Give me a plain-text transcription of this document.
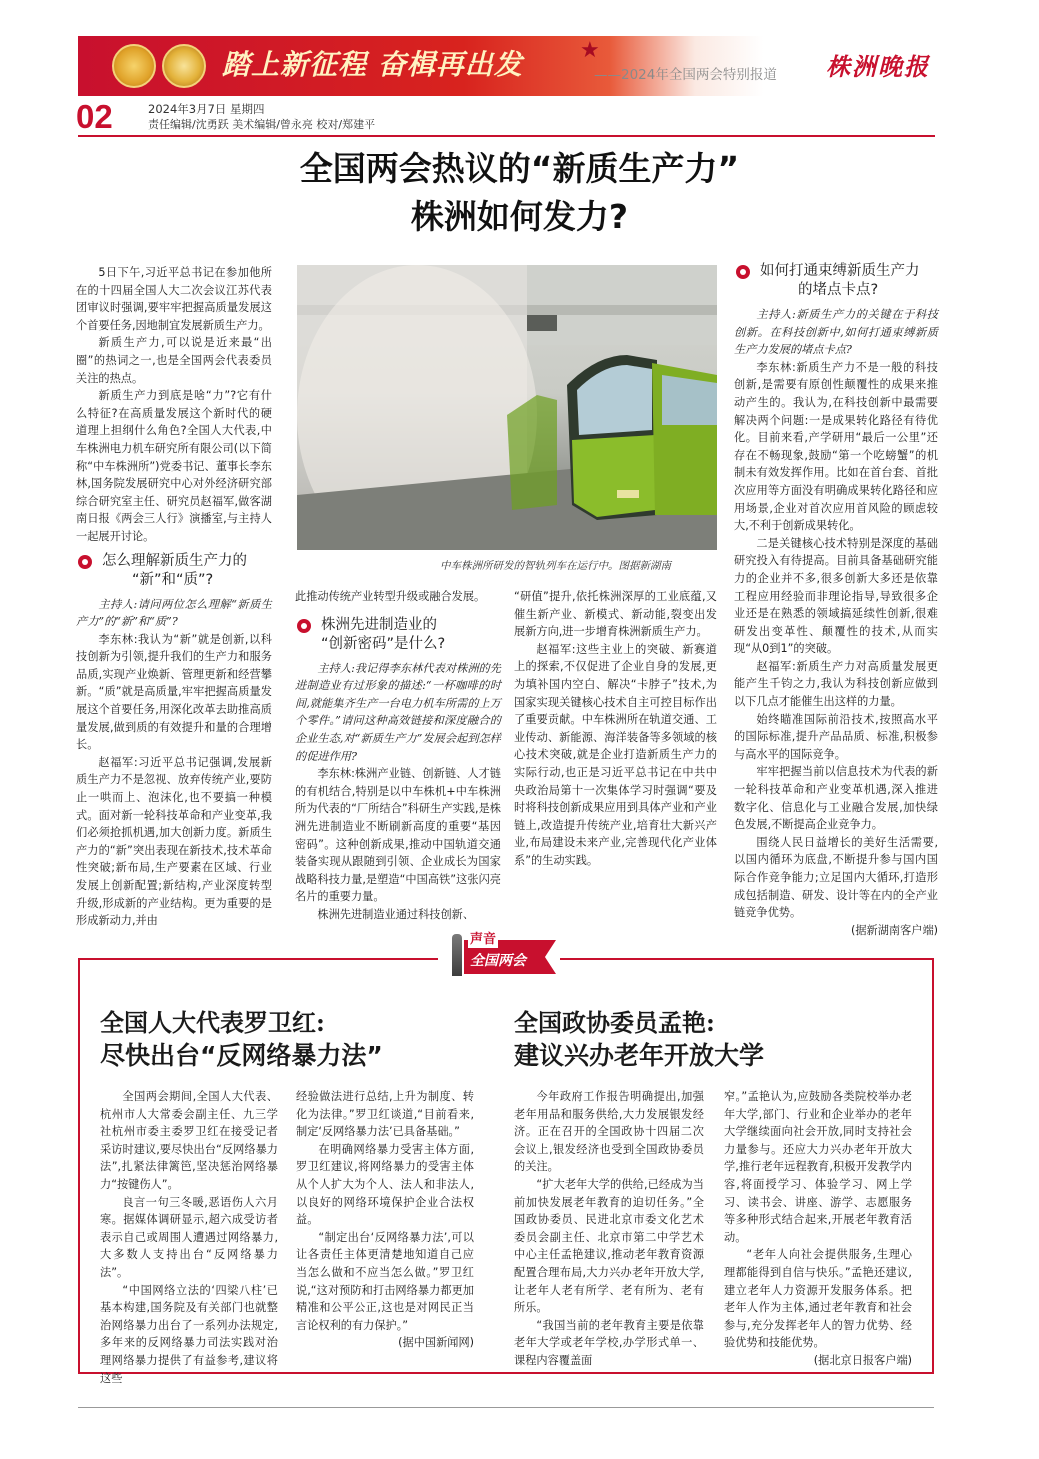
★
踏上新征程 奋楫再出发	——2024年全国两会特别报道 株洲晚报
02	2024年3月7日 星期四
责任编辑/沈勇跃 美术编辑/曾永亮 校对/郑建平
全国两会热议的“新质生产力”
株洲如何发力?
中车株洲所研发的智轨列车在运行中。图据新湖南

5日下午,习近平总书记在参加他所在的十四届全国人大二次会议江苏代表团审议时强调,要牢牢把握高质量发展这个首要任务,因地制宜发展新质生产力。

新质生产力,可以说是近来最“出圈”的热词之一,也是全国两会代表委员关注的热点。

新质生产力到底是啥“力”?它有什么特征?在高质量发展这个新时代的硬道理上担纲什么角色?全国人大代表,中车株洲电力机车研究所有限公司(以下简称“中车株洲所”)党委书记、董事长李东林,国务院发展研究中心对外经济研究部综合研究室主任、研究员赵福军,做客湖南日报《两会三人行》演播室,与主持人一起展开讨论。

怎么理解新质生产力的
“新”和“质”?

主持人:请问两位怎么理解“新质生产力”的“新”和“质”?

李东林:我认为“新”就是创新,以科技创新为引领,提升我们的生产力和服务品质,实现产业焕新、管理更新和经营攀新。“质”就是高质量,牢牢把握高质量发展这个首要任务,用深化改革去助推高质量发展,做到质的有效提升和量的合理增长。

赵福军:习近平总书记强调,发展新质生产力不是忽视、放弃传统产业,要防止一哄而上、泡沫化,也不要搞一种模式。面对新一轮科技革命和产业变革,我们必须抢抓机遇,加大创新力度。新质生产力的“新”突出表现在新技术,技术革命性突破;新布局,生产要素在区域、行业发展上创新配置;新结构,产业深度转型升级,形成新的产业结构。更为重要的是形成新动力,并由

此推动传统产业转型升级或融合发展。

株洲先进制造业的
“创新密码”是什么?

主持人:我记得李东林代表对株洲的先进制造业有过形象的描述:“一杯咖啡的时间,就能集齐生产一台电力机车所需的上万个零件。”请问这种高效链接和深度融合的企业生态,对“新质生产力”发展会起到怎样的促进作用?

李东林:株洲产业链、创新链、人才链的有机结合,特别是以中车株机+中车株洲所为代表的“厂所结合”科研生产实践,是株洲先进制造业不断刷新高度的重要“基因密码”。这种创新成果,推动中国轨道交通装备实现从跟随到引领、企业成长为国家战略科技力量,是塑造“中国高铁”这张闪亮名片的重要力量。

株洲先进制造业通过科技创新、

“研值”提升,依托株洲深厚的工业底蕴,又催生新产业、新模式、新动能,裂变出发展新方向,进一步增育株洲新质生产力。

赵福军:这些主业上的突破、新赛道上的探索,不仅促进了企业自身的发展,更为填补国内空白、解决“卡脖子”技术,为国家实现关键核心技术自主可控目标作出了重要贡献。中车株洲所在轨道交通、工业传动、新能源、海洋装备等多领域的核心技术突破,就是企业打造新质生产力的实际行动,也正是习近平总书记在中共中央政治局第十一次集体学习时强调“要及时将科技创新成果应用到具体产业和产业链上,改造提升传统产业,培育壮大新兴产业,布局建设未来产业,完善现代化产业体系”的生动实践。

如何打通束缚新质生产力
的堵点卡点?

主持人:新质生产力的关键在于科技创新。在科技创新中,如何打通束缚新质生产力发展的堵点卡点?

李东林:新质生产力不是一般的科技创新,是需要有原创性颠覆性的成果来推动产生的。我认为,在科技创新中最需要解决两个问题:一是成果转化路径有待优化。目前来看,产学研用“最后一公里”还存在不畅现象,鼓励“第一个吃螃蟹”的机制未有效发挥作用。比如在首台套、首批次应用等方面没有明确成果转化路径和应用场景,企业对首次应用首风险的顾虑较大,不利于创新成果转化。

二是关键核心技术特别是深度的基础研究投入有待提高。目前具备基础研究能力的企业并不多,很多创新大多还是依靠工程应用经验而非理论指导,导致很多企业还是在熟悉的领域搞延续性创新,很难研发出变革性、颠覆性的技术,从而实现“从0到1”的突破。

赵福军:新质生产力对高质量发展更能产生千钧之力,我认为科技创新应做到以下几点才能催生出这样的力量。

始终瞄准国际前沿技术,按照高水平的国际标准,提升产品品质、标准,积极参与高水平的国际竞争。

牢牢把握当前以信息技术为代表的新一轮科技革命和产业变革机遇,深入推进数字化、信息化与工业融合发展,加快绿色发展,不断提高企业竞争力。

围绕人民日益增长的美好生活需要,以国内循环为底盘,不断提升参与国内国际合作竞争能力;立足国内大循环,打造形成包括制造、研发、设计等在内的全产业链竞争优势。

(据新湖南客户端)

声音
全国两会
全国人大代表罗卫红:
尽快出台“反网络暴力法”

全国两会期间,全国人大代表、杭州市人大常委会副主任、九三学社杭州市委主委罗卫红在接受记者采访时建议,要尽快出台“反网络暴力法”,扎紧法律篱笆,坚决惩治网络暴力“按键伤人”。

良言一句三冬暖,恶语伤人六月寒。据媒体调研显示,超六成受访者表示自己或周围人遭遇过网络暴力,大多数人支持出台“反网络暴力法”。

“中国网络立法的‘四梁八柱’已基本构建,国务院及有关部门也就整治网络暴力出台了一系列办法规定,多年来的反网络暴力司法实践对治理网络暴力提供了有益参考,建议将这些

经验做法进行总结,上升为制度、转化为法律。”罗卫红谈道,“目前看来,制定‘反网络暴力法’已具备基础。”

在明确网络暴力受害主体方面,罗卫红建议,将网络暴力的受害主体从个人扩大为个人、法人和非法人,以良好的网络环境保护企业合法权益。

“制定出台‘反网络暴力法’,可以让各责任主体更清楚地知道自己应当怎么做和不应当怎么做。”罗卫红说,“这对预防和打击网络暴力都更加精准和公平公正,这也是对网民正当言论权利的有力保护。”

(据中国新闻网)

全国政协委员孟艳:
建议兴办老年开放大学

今年政府工作报告明确提出,加强老年用品和服务供给,大力发展银发经济。正在召开的全国政协十四届二次会议上,银发经济也受到全国政协委员的关注。

“扩大老年大学的供给,已经成为当前加快发展老年教育的迫切任务。”全国政协委员、民进北京市委文化艺术委员会副主任、北京市第二中学艺术中心主任孟艳建议,推动老年教育资源配置合理布局,大力兴办老年开放大学,让老年人老有所学、老有所为、老有所乐。

“我国当前的老年教育主要是依靠老年大学或老年学校,办学形式单一、课程内容覆盖面

窄。”孟艳认为,应鼓励各类院校举办老年大学,部门、行业和企业举办的老年大学继续面向社会开放,同时支持社会力量参与。还应大力兴办老年开放大学,推行老年远程教育,积极开发教学内容,将面授学习、体验学习、网上学习、读书会、讲座、游学、志愿服务等多种形式结合起来,开展老年教育活动。

“老年人向社会提供服务,生理心理都能得到自信与快乐。”孟艳还建议,建立老年人力资源开发服务体系。把老年人作为主体,通过老年教育和社会参与,充分发挥老年人的智力优势、经验优势和技能优势。

(据北京日报客户端)
